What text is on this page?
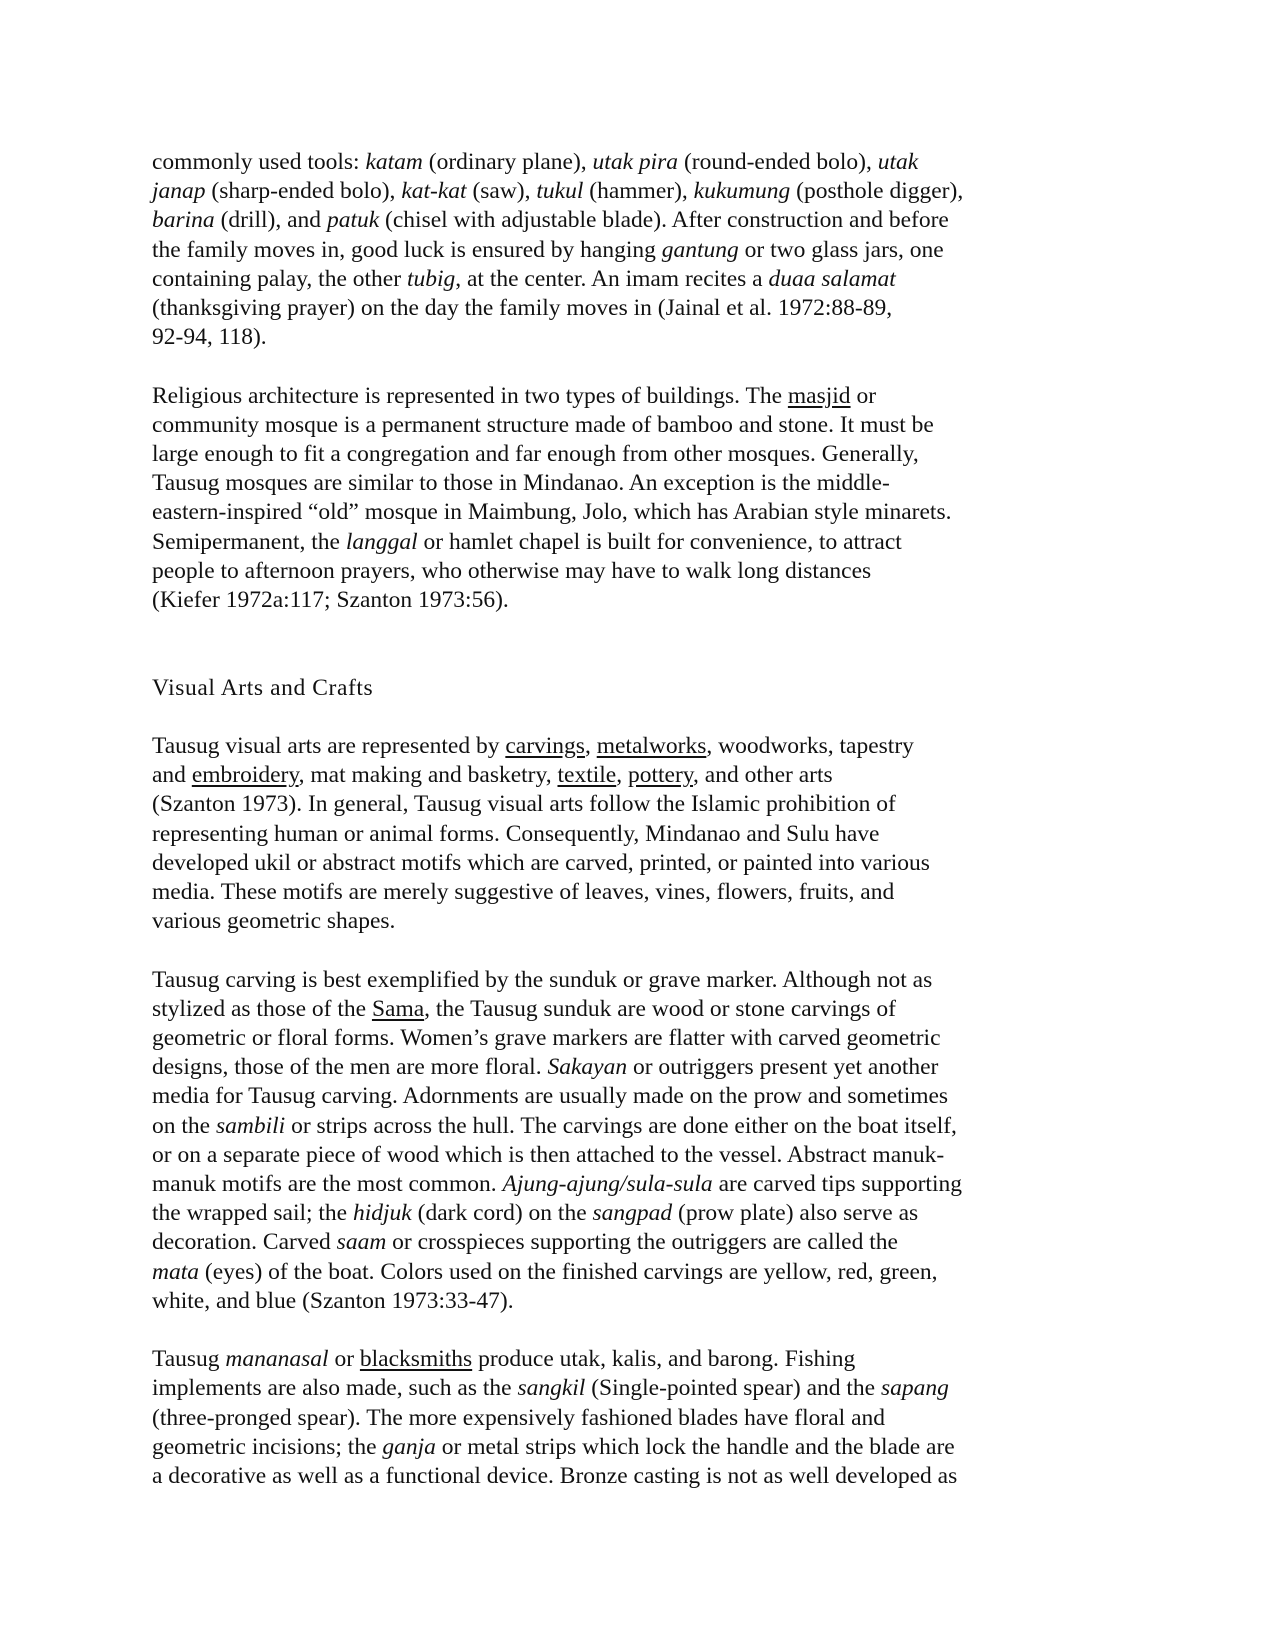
commonly used tools: katam (ordinary plane), utak pira (round-ended bolo), utak
janap (sharp-ended bolo), kat-kat (saw), tukul (hammer), kukumung (posthole digger),
barina (drill), and patuk (chisel with adjustable blade). After construction and before
the family moves in, good luck is ensured by hanging gantung or two glass jars, one
containing palay, the other tubig, at the center. An imam recites a duaa salamat
(thanksgiving prayer) on the day the family moves in (Jainal et al. 1972:88-89,
92-94, 118).
Religious architecture is represented in two types of buildings. The masjid or
community mosque is a permanent structure made of bamboo and stone. It must be
large enough to fit a congregation and far enough from other mosques. Generally,
Tausug mosques are similar to those in Mindanao. An exception is the middle-
eastern-inspired “old” mosque in Maimbung, Jolo, which has Arabian style minarets.
Semipermanent, the langgal or hamlet chapel is built for convenience, to attract
people to afternoon prayers, who otherwise may have to walk long distances
(Kiefer 1972a:117; Szanton 1973:56).
Visual Arts and Crafts
Tausug visual arts are represented by carvings, metalworks, woodworks, tapestry
and embroidery, mat making and basketry, textile, pottery, and other arts
(Szanton 1973). In general, Tausug visual arts follow the Islamic prohibition of
representing human or animal forms. Consequently, Mindanao and Sulu have
developed ukil or abstract motifs which are carved, printed, or painted into various
media. These motifs are merely suggestive of leaves, vines, flowers, fruits, and
various geometric shapes.
Tausug carving is best exemplified by the sunduk or grave marker. Although not as
stylized as those of the Sama, the Tausug sunduk are wood or stone carvings of
geometric or floral forms. Women’s grave markers are flatter with carved geometric
designs, those of the men are more floral. Sakayan or outriggers present yet another
media for Tausug carving. Adornments are usually made on the prow and sometimes
on the sambili or strips across the hull. The carvings are done either on the boat itself,
or on a separate piece of wood which is then attached to the vessel. Abstract manuk-
manuk motifs are the most common. Ajung-ajung/sula-sula are carved tips supporting
the wrapped sail; the hidjuk (dark cord) on the sangpad (prow plate) also serve as
decoration. Carved saam or crosspieces supporting the outriggers are called the
mata (eyes) of the boat. Colors used on the finished carvings are yellow, red, green,
white, and blue (Szanton 1973:33-47).
Tausug mananasal or blacksmiths produce utak, kalis, and barong. Fishing
implements are also made, such as the sangkil (Single-pointed spear) and the sapang
(three-pronged spear). The more expensively fashioned blades have floral and
geometric incisions; the ganja or metal strips which lock the handle and the blade are
a decorative as well as a functional device. Bronze casting is not as well developed as
